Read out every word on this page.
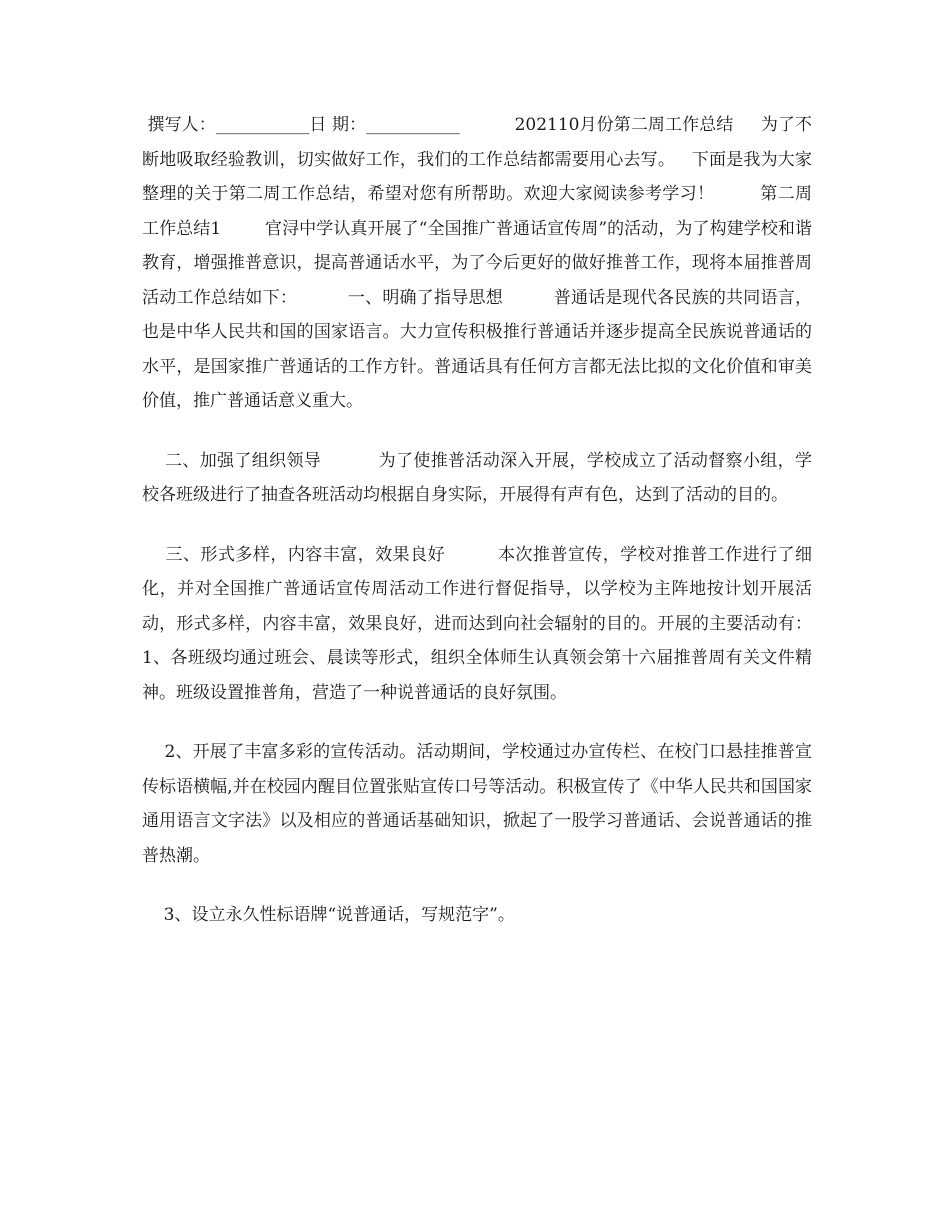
撰写人：___________日 期：___________          202110月份第二周工作总结     为了不断地吸取经验教训，切实做好工作，我们的工作总结都需要用心去写。   下面是我为大家整理的关于第二周工作总结，希望对您有所帮助。欢迎大家阅读参考学习！        第二周工作总结1        官浔中学认真开展了“全国推广普通话宣传周”的活动，为了构建学校和谐教育，增强推普意识，提高普通话水平，为了今后更好的做好推普工作，现将本届推普周活动工作总结如下：         一、明确了指导思想         普通话是现代各民族的共同语言，也是中华人民共和国的国家语言。大力宣传积极推行普通话并逐步提高全民族说普通话的水平，是国家推广普通话的工作方针。普通话具有任何方言都无法比拟的文化价值和审美价值，推广普通话意义重大。

二、加强了组织领导          为了使推普活动深入开展，学校成立了活动督察小组，学校各班级进行了抽查各班活动均根据自身实际，开展得有声有色，达到了活动的目的。

三、形式多样，内容丰富，效果良好         本次推普宣传，学校对推普工作进行了细化，并对全国推广普通话宣传周活动工作进行督促指导，以学校为主阵地按计划开展活动，形式多样，内容丰富，效果良好，进而达到向社会辐射的目的。开展的主要活动有：        1、各班级均通过班会、晨读等形式，组织全体师生认真领会第十六届推普周有关文件精神。班级设置推普角，营造了一种说普通话的良好氛围。

2、开展了丰富多彩的宣传活动。活动期间，学校通过办宣传栏、在校门口悬挂推普宣传标语横幅,并在校园内醒目位置张贴宣传口号等活动。积极宣传了《中华人民共和国国家通用语言文字法》以及相应的普通话基础知识，掀起了一股学习普通话、会说普通话的推普热潮。

3、设立永久性标语牌“说普通话，写规范字”。
